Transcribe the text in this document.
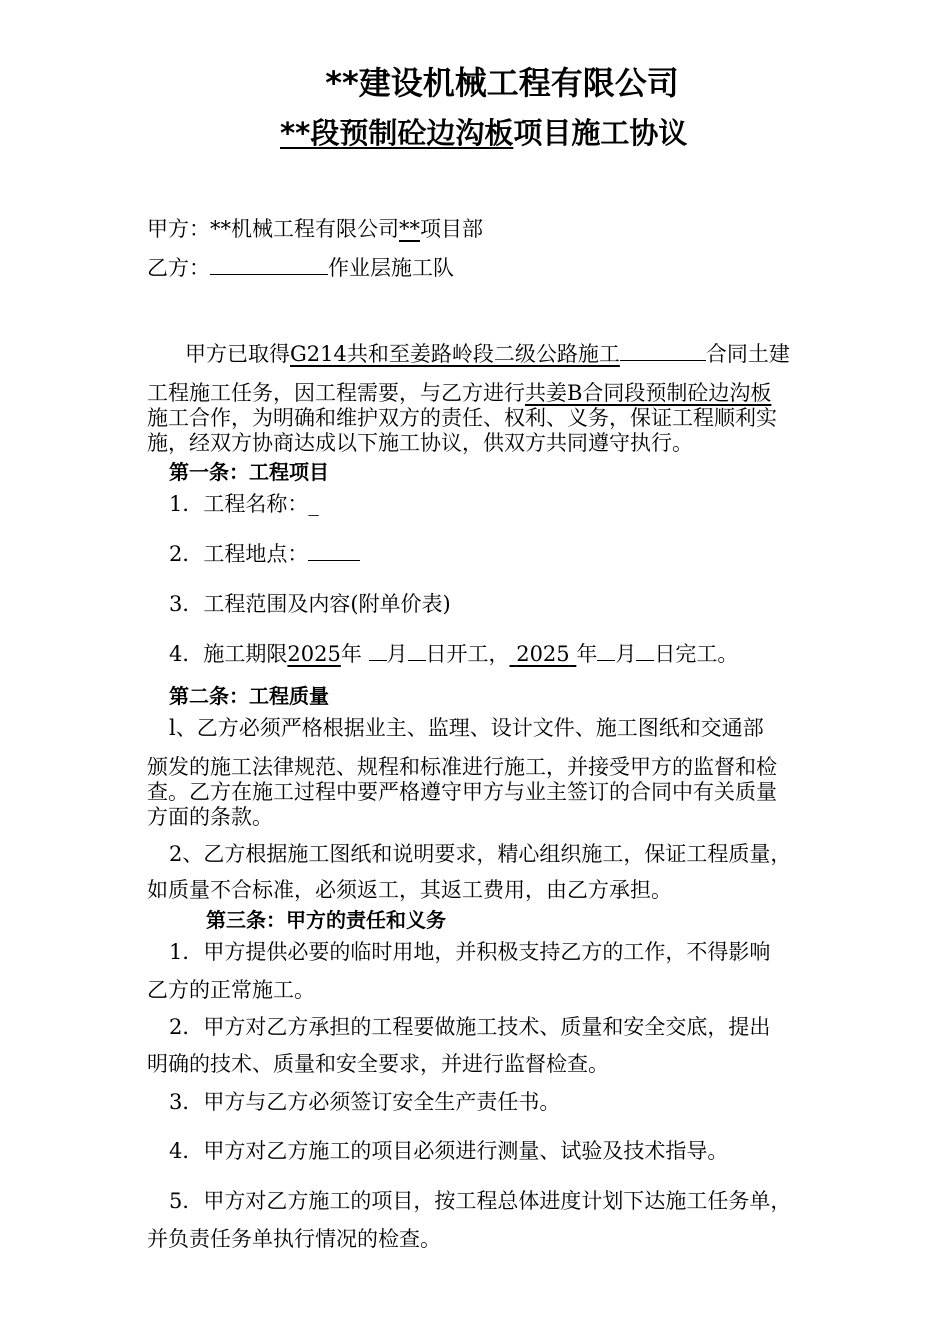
**建设机械工程有限公司
**段预制砼边沟板项目施工协议
甲方：**机械工程有限公司**项目部
乙方：	作业层施工队
甲方已取得G214共和至姜路岭段二级公路施工	合同土建
工程施工任务，因工程需要，与乙方进行共姜B合同段预制砼边沟板
施工合作，为明确和维护双方的责任、权利、义务，保证工程顺利实
施，经双方协商达成以下施工协议，供双方共同遵守执行。
第一条：工程项目
1．工程名称：_
2．工程地点：
3．工程范围及内容(附单价表)
4．施工期限2025年 月 日开工， 2025 年 月 日完工。
第二条：工程质量
l、乙方必须严格根据业主、监理、设计文件、施工图纸和交通部
颁发的施工法律规范、规程和标准进行施工，并接受甲方的监督和检
查。乙方在施工过程中要严格遵守甲方与业主签订的合同中有关质量
方面的条款。
2、乙方根据施工图纸和说明要求，精心组织施工，保证工程质量，
如质量不合标准，必须返工，其返工费用，由乙方承担。
第三条：甲方的责任和义务
1．甲方提供必要的临时用地，并积极支持乙方的工作，不得影响
乙方的正常施工。
2．甲方对乙方承担的工程要做施工技术、质量和安全交底，提出
明确的技术、质量和安全要求，并进行监督检查。
3．甲方与乙方必须签订安全生产责任书。
4．甲方对乙方施工的项目必须进行测量、试验及技术指导。
5．甲方对乙方施工的项目，按工程总体进度计划下达施工任务单，
并负责任务单执行情况的检查。
